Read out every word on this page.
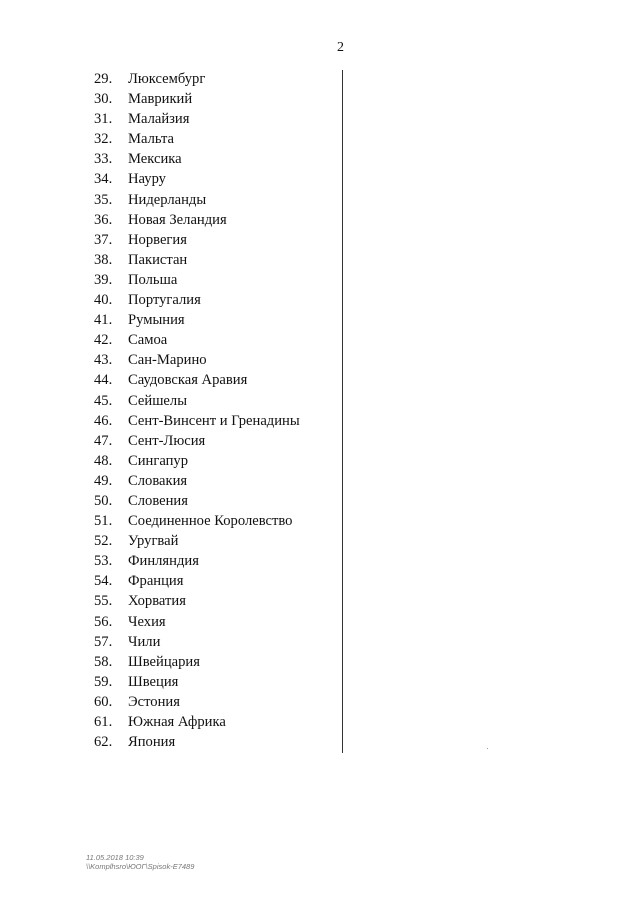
2
29. Люксембург
30. Маврикий
31. Малайзия
32. Мальта
33. Мексика
34. Науру
35. Нидерланды
36. Новая Зеландия
37. Норвегия
38. Пакистан
39. Польша
40. Португалия
41. Румыния
42. Самоа
43. Сан-Марино
44. Саудовская Аравия
45. Сейшелы
46. Сент-Винсент и Гренадины
47. Сент-Люсия
48. Сингапур
49. Словакия
50. Словения
51. Соединенное Королевство
52. Уругвай
53. Финляндия
54. Франция
55. Хорватия
56. Чехия
57. Чили
58. Швейцария
59. Швеция
60. Эстония
61. Южная Африка
62. Япония
11.05.2018 10:39
\\Komplhsro\ЮОГ\Spisok-E7489
